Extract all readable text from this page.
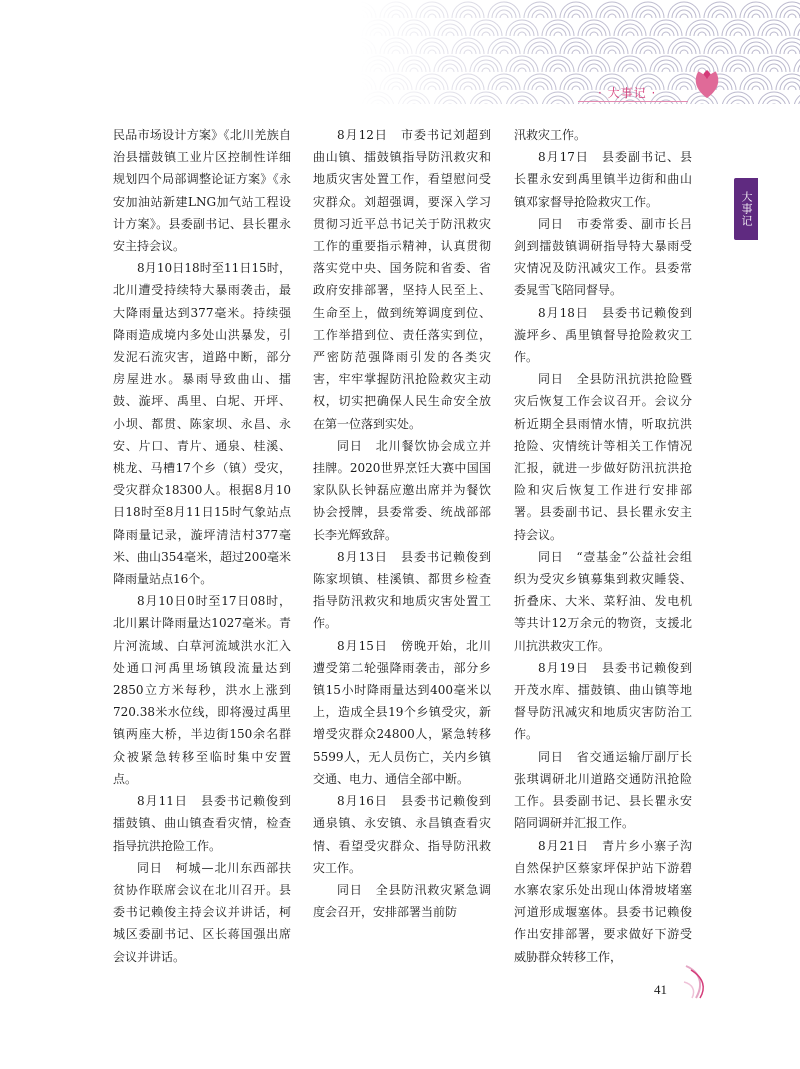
· 大事记 ·
大事记

民品市场设计方案》《北川羌族自治县擂鼓镇工业片区控制性详细规划四个局部调整论证方案》《永安加油站新建LNG加气站工程设计方案》。县委副书记、县长瞿永安主持会议。

8月10日18时至11日15时，北川遭受持续特大暴雨袭击，最大降雨量达到377毫米。持续强降雨造成境内多处山洪暴发，引发泥石流灾害，道路中断，部分房屋进水。暴雨导致曲山、擂鼓、漩坪、禹里、白坭、开坪、小坝、都贯、陈家坝、永昌、永安、片口、青片、通泉、桂溪、桃龙、马槽17个乡（镇）受灾，受灾群众18300人。根据8月10日18时至8月11日15时气象站点降雨量记录，漩坪清洁村377毫米、曲山354毫米，超过200毫米降雨量站点16个。

8月10日0时至17日08时，北川累计降雨量达1027毫米。青片河流域、白草河流域洪水汇入处通口河禹里场镇段流量达到2850立方米每秒，洪水上涨到720.38米水位线，即将漫过禹里镇两座大桥，半边街150余名群众被紧急转移至临时集中安置点。

8月11日　县委书记赖俊到擂鼓镇、曲山镇查看灾情，检查指导抗洪抢险工作。

同日　柯城—北川东西部扶贫协作联席会议在北川召开。县委书记赖俊主持会议并讲话，柯城区委副书记、区长蒋国强出席会议并讲话。

8月12日　市委书记刘超到曲山镇、擂鼓镇指导防汛救灾和地质灾害处置工作，看望慰问受灾群众。刘超强调，要深入学习贯彻习近平总书记关于防汛救灾工作的重要指示精神，认真贯彻落实党中央、国务院和省委、省政府安排部署，坚持人民至上、生命至上，做到统筹调度到位、工作举措到位、责任落实到位，严密防范强降雨引发的各类灾害，牢牢掌握防汛抢险救灾主动权，切实把确保人民生命安全放在第一位落到实处。

同日　北川餐饮协会成立并挂牌。2020世界烹饪大赛中国国家队队长钟磊应邀出席并为餐饮协会授牌，县委常委、统战部部长李光辉致辞。

8月13日　县委书记赖俊到陈家坝镇、桂溪镇、都贯乡检查指导防汛救灾和地质灾害处置工作。

8月15日　傍晚开始，北川遭受第二轮强降雨袭击，部分乡镇15小时降雨量达到400毫米以上，造成全县19个乡镇受灾，新增受灾群众24800人，紧急转移5599人，无人员伤亡，关内乡镇交通、电力、通信全部中断。

8月16日　县委书记赖俊到通泉镇、永安镇、永昌镇查看灾情、看望受灾群众、指导防汛救灾工作。

同日　全县防汛救灾紧急调度会召开，安排部署当前防

汛救灾工作。

8月17日　县委副书记、县长瞿永安到禹里镇半边街和曲山镇邓家督导抢险救灾工作。

同日　市委常委、副市长吕剑到擂鼓镇调研指导特大暴雨受灾情况及防汛减灾工作。县委常委晁雪飞陪同督导。

8月18日　县委书记赖俊到漩坪乡、禹里镇督导抢险救灾工作。

同日　全县防汛抗洪抢险暨灾后恢复工作会议召开。会议分析近期全县雨情水情，听取抗洪抢险、灾情统计等相关工作情况汇报，就进一步做好防汛抗洪抢险和灾后恢复工作进行安排部署。县委副书记、县长瞿永安主持会议。

同日　“壹基金”公益社会组织为受灾乡镇募集到救灾睡袋、折叠床、大米、菜籽油、发电机等共计12万余元的物资，支援北川抗洪救灾工作。

8月19日　县委书记赖俊到开茂水库、擂鼓镇、曲山镇等地督导防汛减灾和地质灾害防治工作。

同日　省交通运输厅副厅长张琪调研北川道路交通防汛抢险工作。县委副书记、县长瞿永安陪同调研并汇报工作。

8月21日　青片乡小寨子沟自然保护区蔡家坪保护站下游碧水寨农家乐处出现山体滑坡堵塞河道形成堰塞体。县委书记赖俊作出安排部署，要求做好下游受威胁群众转移工作，

41
